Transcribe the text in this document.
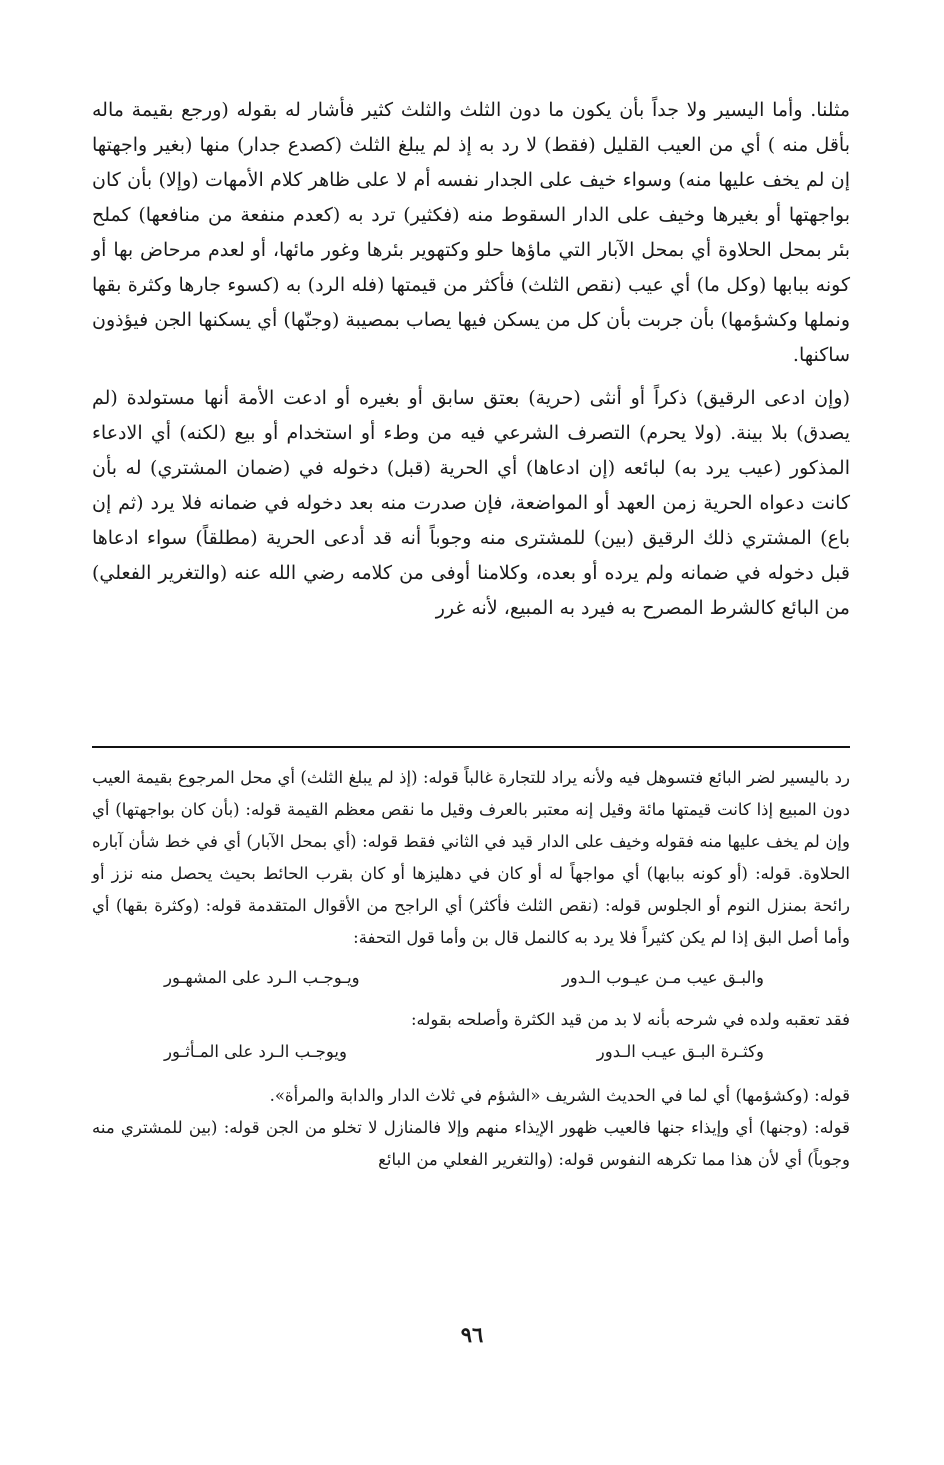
مثلنا. وأما اليسير ولا جداً بأن يكون ما دون الثلث والثلث كثير فأشار له بقوله (ورجع بقيمة ماله بأقل منه ) أي من العيب القليل (فقط) لا رد به إذ لم يبلغ الثلث (كصدع جدار) منها (بغير واجهتها إن لم يخف عليها منه) وسواء خيف على الجدار نفسه أم لا على ظاهر كلام الأمهات (وإلا) بأن كان بواجهتها أو بغيرها وخيف على الدار السقوط منه (فكثير) ترد به (كعدم منفعة من منافعها) كملح بئر بمحل الحلاوة أي بمحل الآبار التي ماؤها حلو وكتهوير بئرها وغور مائها، أو لعدم مرحاض بها أو كونه ببابها (وكل ما) أي عيب (نقص الثلث) فأكثر من قيمتها (فله الرد) به (كسوء جارها وكثرة بقها ونملها وكشؤمها) بأن جربت بأن كل من يسكن فيها يصاب بمصيبة (وجنّها) أي يسكنها الجن فيؤذون ساكنها.

(وإن ادعى الرقيق) ذكراً أو أنثى (حرية) بعتق سابق أو بغيره أو ادعت الأمة أنها مستولدة (لم يصدق) بلا بينة. (ولا يحرم) التصرف الشرعي فيه من وطء أو استخدام أو بيع (لكنه) أي الادعاء المذكور (عيب يرد به) لبائعه (إن ادعاها) أي الحرية (قبل) دخوله في (ضمان المشتري) له بأن كانت دعواه الحرية زمن العهد أو المواضعة، فإن صدرت منه بعد دخوله في ضمانه فلا يرد (ثم إن باع) المشتري ذلك الرقيق (بين) للمشترى منه وجوباً أنه قد أدعى الحرية (مطلقاً) سواء ادعاها قبل دخوله في ضمانه ولم يرده أو بعده، وكلامنا أوفى من كلامه رضي الله عنه (والتغرير الفعلي) من البائع كالشرط المصرح به فيرد به المبيع، لأنه غرر

رد باليسير لضر البائع فتسوهل فيه ولأنه يراد للتجارة غالباً قوله: (إذ لم يبلغ الثلث) أي محل المرجوع بقيمة العيب دون المبيع إذا كانت قيمتها مائة وقيل إنه معتبر بالعرف وقيل ما نقص معظم القيمة قوله: (بأن كان بواجهتها) أي وإن لم يخف عليها منه فقوله وخيف على الدار قيد في الثاني فقط قوله: (أي بمحل الآبار) أي في خط شأن آباره الحلاوة. قوله: (أو كونه ببابها) أي مواجهاً له أو كان في دهليزها أو كان بقرب الحائط بحيث يحصل منه نزز أو رائحة بمنزل النوم أو الجلوس قوله: (نقص الثلث فأكثر) أي الراجح من الأقوال المتقدمة قوله: (وكثرة بقها) أي وأما أصل البق إذا لم يكن كثيراً فلا يرد به كالنمل قال بن وأما قول التحفة:

والبـق عيب مـن عيـوب الـدور
ويـوجـب الـرد على المشهـور

فقد تعقبه ولده في شرحه بأنه لا بد من قيد الكثرة وأصلحه بقوله:

وكثـرة البـق عيـب الـدور
ويوجـب الـرد على المـأثـور

قوله: (وكشؤمها) أي لما في الحديث الشريف «الشؤم في ثلاث الدار والدابة والمرأة».

قوله: (وجنها) أي وإيذاء جنها فالعيب ظهور الإيذاء منهم وإلا فالمنازل لا تخلو من الجن قوله: (بين للمشتري منه وجوباً) أي لأن هذا مما تكرهه النفوس قوله: (والتغرير الفعلي من البائع

٩٦
